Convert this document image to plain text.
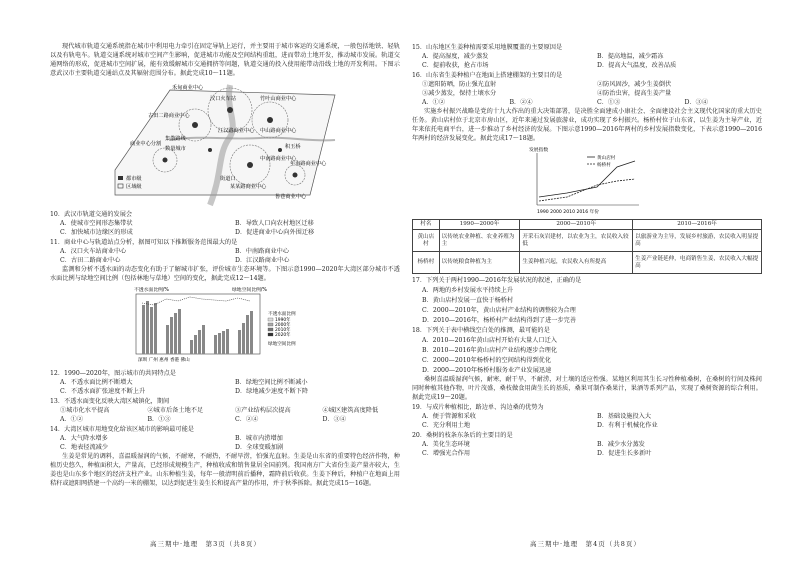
现代城市轨道交通系统指在城市中利用电力牵引在固定导轨上运行，并主要用于城市客运的交通系统，一般包括地铁、轻轨以及有轨电车。轨道交通系统对城市空间产生影响，促进城市功能及空间结构重组，进而带动土地开发，推动城市发展。轨道交通网络的形成，促进城市空间扩展，能有效缓解城市交通拥挤等问题，轨道交通的投入使用能带动沿线土地的开发利用。下图示意武汉市主要轨道交通站点及其辐射范围分布。据此完成10～11题。

禾甸商业中心
竹叶山商业中心
古田二路商业中心
汉口火车站
中山路商业中心
江汉路商业中心
商业中心分割
集散路线
数量城市
中南路商业中心
街道口
积玉桥
都市级
区域级	某某路商业中心
鲁巷商业中心
年海路商业中心

10．武汉市轨道交通的发展会

A．使城市空间形态集带状	B．导致人口向农村地区迁移
C．加快城市边缘区的形成	D．促进商业中心向外围迁移

11．商业中心与轨道站点分析，据图可知以下推断服务范围最大的是

A．汉口火车站商业中心	B．中南路商业中心
C．古田二路商业中心	D．江汉路商业中心

监测和分析不透水面的动态变化有助于了解城市扩张，评价城市生态环境等。下图示意1990—2020年大湾区部分城市不透水面比例与绿地空间比例（包括林地与草地）空间的变化，据此完成12～14题。

不透水面比例/%	绿地空间比例/%
深圳 广州 惠州 香港 佛山
不透水面比例
1990年
2000年
2010年
2020年
绿地空间比例

12．1990—2020年，图示城市的共同特点是

A．不透水面比例不断增大	B．绿地空间比例不断减小
C．不透水面扩张速度不断上升	D．绿地减少速度不断下降

13．不透水面变化反映大湾区城镇化，期间

①城市化水平提高	②城市后备土地不足	③产业结构层次提高	④城区建筑高度降低
A．①②	B．①③	C．②④	D．③④

14．大湾区城市用地变化给该区城市的影响最可能是

A．大气降水增多	B．城市内涝增加
C．地表径流减少	D．全球变暖加剧

生姜是常见的调料，喜温暖湿润的气候，不耐寒，不耐热，不耐旱涝，怕强光直射。生姜是山东省的重要特色经济作物，种植历史悠久，种植面积大，产量高，已经形成规模生产，种植收成和销售量居全国前列。我国南方广大省份生姜产量亦较大，生姜也是山东多个地区的经济支柱产业。山东种植生姜，每年一般清明前后播种，霜降前后收获。生姜下种后，种植户在地面上用秸秆或遮阳网搭建一个高约一米的棚架，以达到促进生姜生长和提高产量的作用，并于秋季拆除。据此完成15～16题。

15．山东地区生姜种植需要采用地膜覆盖的主要原因是

A．提高湿度，减少蒸发	B．提高地温，减少霜冻
C．提前收获，抢占市场	D．提高大气温度，改善品质

16．山东省生姜种植户在地面上搭建棚架的主要目的是

①遮阳防晒，防止强光直射	②防风固沙，减少生姜倒伏
③减少蒸发，保持土壤水分	④防治虫害，提高生姜产量
A．①②	B．②④	C．①③	D．③④

实施乡村振兴战略是党的十九大作出的重大决策部署，是决胜全面建成小康社会、全面建设社会主义现代化国家的重大历史任务。黄山店村位于北京市房山区，近年来通过发展旅游业，成功实现了乡村振兴。杨桥村位于山东省，以生姜为主导产业，近年来依托电商平台，进一步推动了乡村经济的发展。下图示意1990—2016年两村的乡村发展指数变化，下表示意1990—2016年两村的经济发展变化。据此完成17～18题。

发展指数
黄山店村
杨桥村
1990 2000 2010 2016 年份
村名	1990—2000年	2000—2010年	2010—2016年
黄山店村	以传统农业种植、农业养殖为主	开采石灰岩建材，以农业为主，农民收入较低	以旅游业为主导，发展乡村旅游，农民收入明显提高
杨桥村	以传统粮食种植为主	生姜种植兴起，农民收入有所提高	生姜产业链延伸，电商销售生姜，农民收入大幅提高

17．下列关于两村1990—2016年发展状况的叙述，正确的是

A．两地的乡村发展水平持续上升

B．黄山店村发展一直快于杨桥村

C．2000—2010年，黄山店村产业结构的调整较为合理

D．2010—2016年，杨桥村产业结构得到了进一步完善

18．下列关于表中横线空白处的推测，最可能的是

A．2010—2016年黄山店村开始有大量人口迁入

B．2010—2016年黄山店村产业结构逐步合理化

C．2000—2010年杨桥村的空间结构得到优化

D．2000—2010年杨桥村服务业产业发展迅速

桑树喜温暖湿润气候，耐寒，耐干旱，不耐涝，对土壤的适应性强。某地区利用其生长习性种植桑树，在桑树的行间及株间同时种植其他作物，叶片茂盛，桑枝做食用菌生长的基质，桑果可制作桑果汁，果酒等系列产品，实现了桑树资源的综合利用。据此完成19～20题。

19．与成片种植相比，路边单、沟边桑的优势为

A．便于管源和采收	B．基础设施投入大
C．充分利用土地	D．有利于机械化作业

20．桑树的枝条东条后的主要目的是

A．美化生态环境	B．减少水分蒸发
C．增强光合作用	D．促进生长多新叶
高三期中·地理　第3页（共8页）	高三期中·地理　第4页（共8页）
